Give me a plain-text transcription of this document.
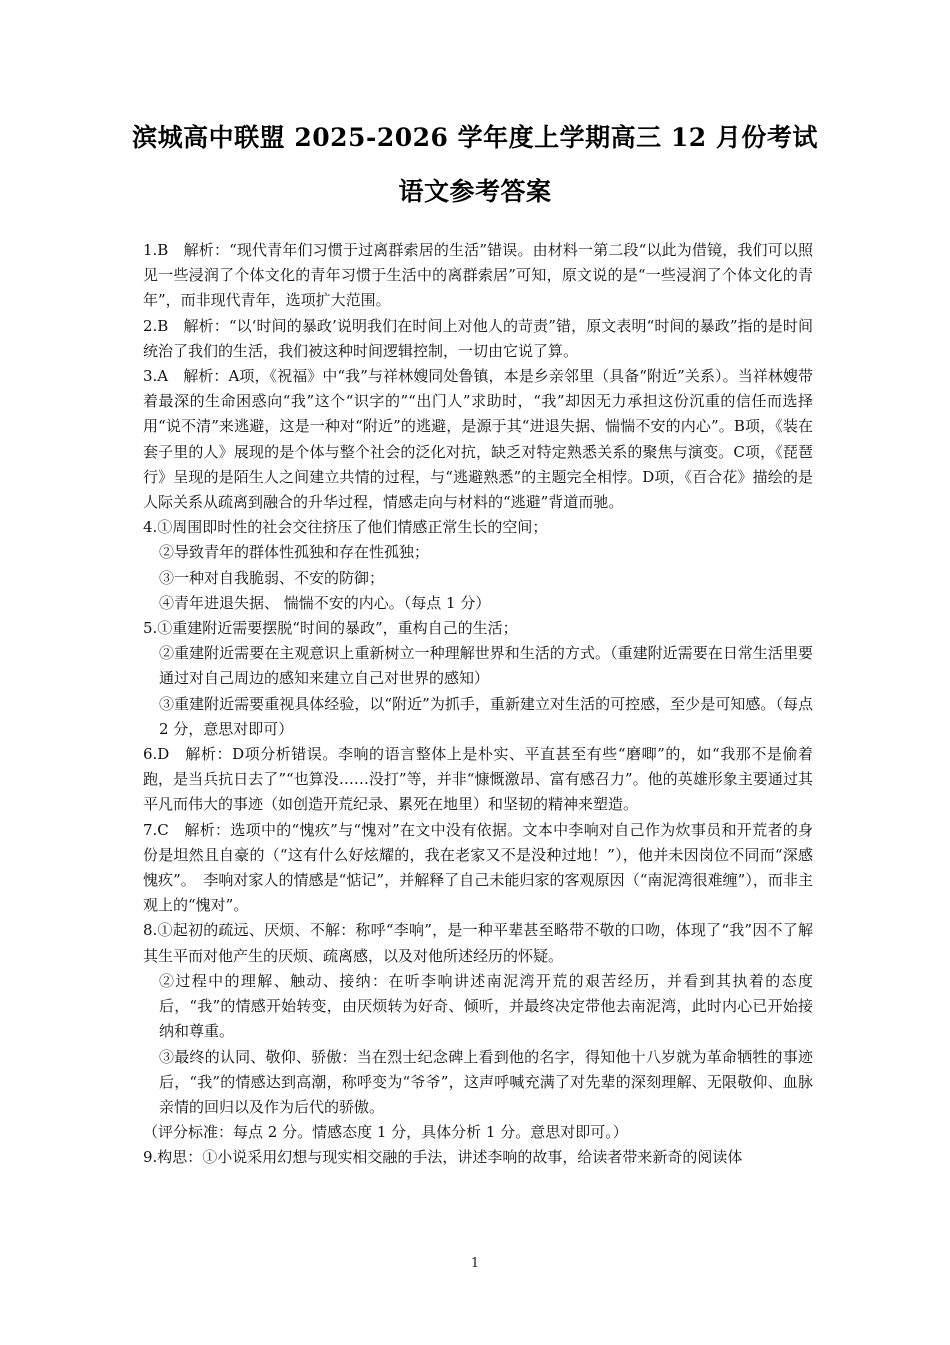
滨城高中联盟 2025-2026 学年度上学期高三 12 月份考试
语文参考答案

1.B　解析：“现代青年们习惯于过离群索居的生活”错误。由材料一第二段“以此为借镜，我们可以照见一些浸润了个体文化的青年习惯于生活中的离群索居”可知，原文说的是“一些浸润了个体文化的青年”，而非现代青年，选项扩大范围。

2.B　解析：“以‘时间的暴政’说明我们在时间上对他人的苛责”错，原文表明“时间的暴政”指的是时间统治了我们的生活，我们被这种时间逻辑控制，一切由它说了算。

3.A　解析：A项，《祝福》中“我”与祥林嫂同处鲁镇，本是乡亲邻里（具备“附近”关系）。当祥林嫂带着最深的生命困惑向“我”这个“识字的”“出门人”求助时，“我”却因无力承担这份沉重的信任而选择用“说不清”来逃避，这是一种对“附近”的逃避，是源于其“进退失据、惴惴不安的内心”。B项，《装在套子里的人》展现的是个体与整个社会的泛化对抗，缺乏对特定熟悉关系的聚焦与演变。C项，《琵琶行》呈现的是陌生人之间建立共情的过程，与“逃避熟悉”的主题完全相悖。D项，《百合花》描绘的是人际关系从疏离到融合的升华过程，情感走向与材料的“逃避”背道而驰。

4.①周围即时性的社会交往挤压了他们情感正常生长的空间；

②导致青年的群体性孤独和存在性孤独；

③一种对自我脆弱、不安的防御；

④青年进退失据、 惴惴不安的内心。（每点 1 分）

5.①重建附近需要摆脱“时间的暴政”，重构自己的生活；

②重建附近需要在主观意识上重新树立一种理解世界和生活的方式。（重建附近需要在日常生活里要通过对自己周边的感知来建立自己对世界的感知）

③重建附近需要重视具体经验，以“附近”为抓手，重新建立对生活的可控感，至少是可知感。（每点 2 分，意思对即可）

6.D　解析：D项分析错误。李响的语言整体上是朴实、平直甚至有些“磨唧”的，如“我那不是偷着跑，是当兵抗日去了”“也算没……没打”等，并非“慷慨激昂、富有感召力”。他的英雄形象主要通过其平凡而伟大的事迹（如创造开荒纪录、累死在地里）和坚韧的精神来塑造。

7.C　解析：选项中的“愧疚”与“愧对”在文中没有依据。文本中李响对自己作为炊事员和开荒者的身份是坦然且自豪的（“这有什么好炫耀的，我在老家又不是没种过地！”），他并未因岗位不同而“深感愧疚”。　李响对家人的情感是“惦记”，并解释了自己未能归家的客观原因（“南泥湾很难缠”），而非主观上的“愧对”。

8.①起初的疏远、厌烦、不解：称呼“李响”，是一种平辈甚至略带不敬的口吻，体现了“我”因不了解其生平而对他产生的厌烦、疏离感，以及对他所述经历的怀疑。

②过程中的理解、触动、接纳：在听李响讲述南泥湾开荒的艰苦经历，并看到其执着的态度后，“我”的情感开始转变，由厌烦转为好奇、倾听，并最终决定带他去南泥湾，此时内心已开始接纳和尊重。

③最终的认同、敬仰、骄傲：当在烈士纪念碑上看到他的名字，得知他十八岁就为革命牺牲的事迹后，“我”的情感达到高潮，称呼变为“爷爷”，这声呼喊充满了对先辈的深刻理解、无限敬仰、血脉亲情的回归以及作为后代的骄傲。

（评分标准：每点 2 分。情感态度 1 分，具体分析 1 分。意思对即可。）

9.构思：①小说采用幻想与现实相交融的手法，讲述李响的故事，给读者带来新奇的阅读体

1
